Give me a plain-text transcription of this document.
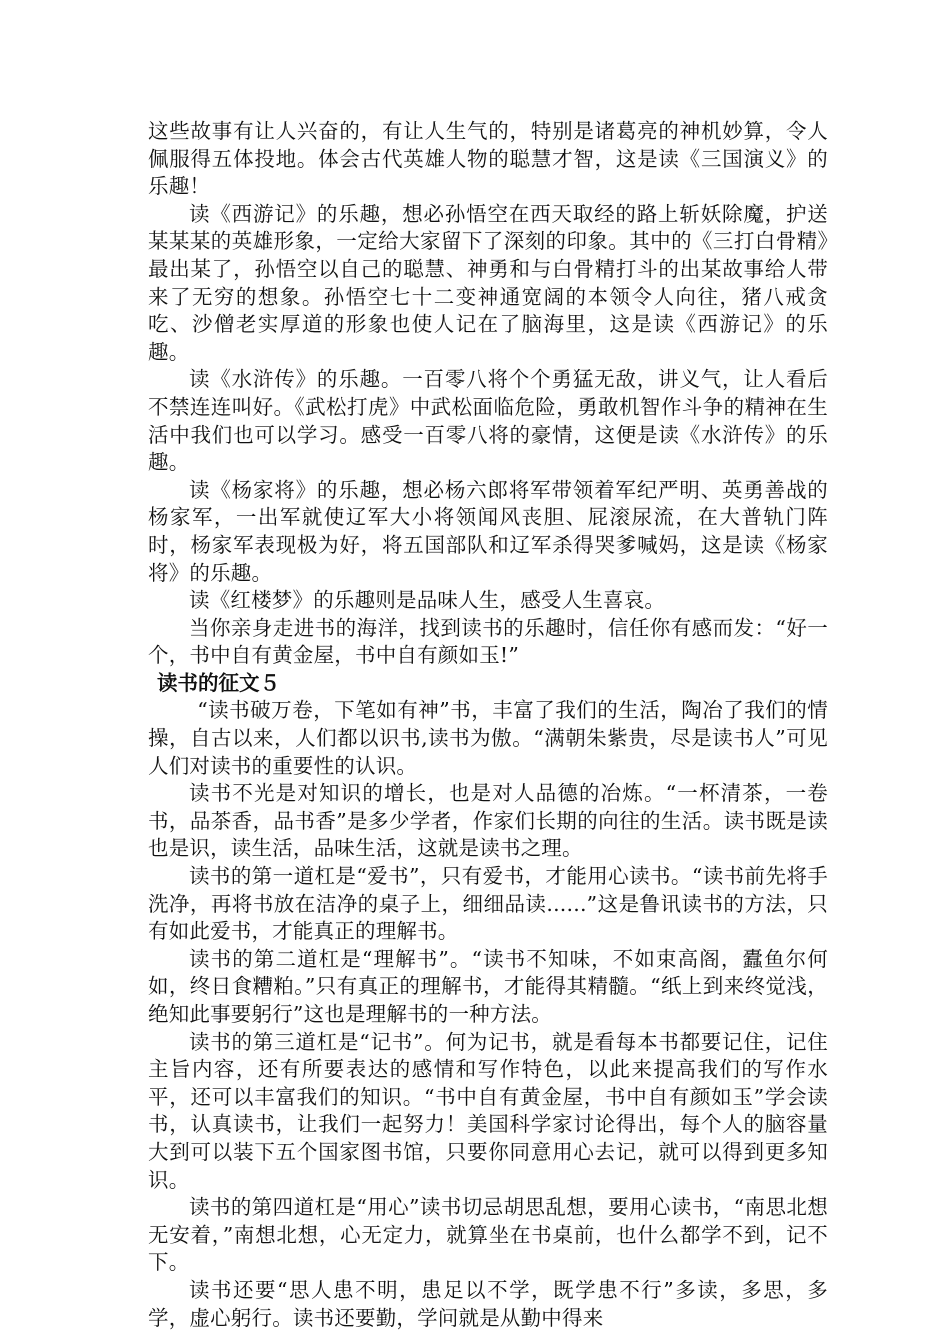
这些故事有让人兴奋的，有让人生气的，特别是诸葛亮的神机妙算，令人佩服得五体投地。体会古代英雄人物的聪慧才智，这是读《三国演义》的乐趣！

读《西游记》的乐趣，想必孙悟空在西天取经的路上斩妖除魔，护送某某某的英雄形象，一定给大家留下了深刻的印象。其中的《三打白骨精》最出某了，孙悟空以自己的聪慧、神勇和与白骨精打斗的出某故事给人带来了无穷的想象。孙悟空七十二变神通宽阔的本领令人向往，猪八戒贪吃、沙僧老实厚道的形象也使人记在了脑海里，这是读《西游记》的乐趣。

读《水浒传》的乐趣。一百零八将个个勇猛无敌，讲义气，让人看后不禁连连叫好。《武松打虎》中武松面临危险，勇敢机智作斗争的精神在生活中我们也可以学习。感受一百零八将的豪情，这便是读《水浒传》的乐趣。

读《杨家将》的乐趣，想必杨六郎将军带领着军纪严明、英勇善战的杨家军，一出军就使辽军大小将领闻风丧胆、屁滚尿流，在大普轨门阵时，杨家军表现极为好，将五国部队和辽军杀得哭爹喊妈，这是读《杨家将》的乐趣。

读《红楼梦》的乐趣则是品味人生，感受人生喜哀。

当你亲身走进书的海洋，找到读书的乐趣时，信任你有感而发：“好一个，书中自有黄金屋，书中自有颜如玉!”

读书的征文５

“读书破万卷，下笔如有神”书，丰富了我们的生活，陶冶了我们的情操，自古以来，人们都以识书,读书为傲。“满朝朱紫贵，尽是读书人”可见人们对读书的重要性的认识。

读书不光是对知识的增长，也是对人品德的冶炼。“一杯清茶，一卷书，品茶香，品书香”是多少学者，作家们长期的向往的生活。读书既是读也是识，读生活，品味生活，这就是读书之理。

读书的第一道杠是“爱书”，只有爱书，才能用心读书。“读书前先将手洗净，再将书放在洁净的桌子上，细细品读......”这是鲁讯读书的方法，只有如此爱书，才能真正的理解书。

读书的第二道杠是“理解书”。“读书不知味，不如束高阁，蠹鱼尔何如，终日食糟粕。”只有真正的理解书，才能得其精髓。“纸上到来终觉浅，绝知此事要躬行”这也是理解书的一种方法。

读书的第三道杠是“记书”。何为记书，就是看每本书都要记住，记住主旨内容，还有所要表达的感情和写作特色，以此来提高我们的写作水平，还可以丰富我们的知识。“书中自有黄金屋，书中自有颜如玉”学会读书，认真读书，让我们一起努力！美国科学家讨论得出，每个人的脑容量大到可以装下五个国家图书馆，只要你同意用心去记，就可以得到更多知识。

读书的第四道杠是“用心”读书切忌胡思乱想，要用心读书，“南思北想无安着，”南想北想，心无定力，就算坐在书桌前，也什么都学不到，记不下。

读书还要“思人患不明，患足以不学，既学患不行”多读，多思，多学，虚心躬行。读书还要勤，学问就是从勤中得来
